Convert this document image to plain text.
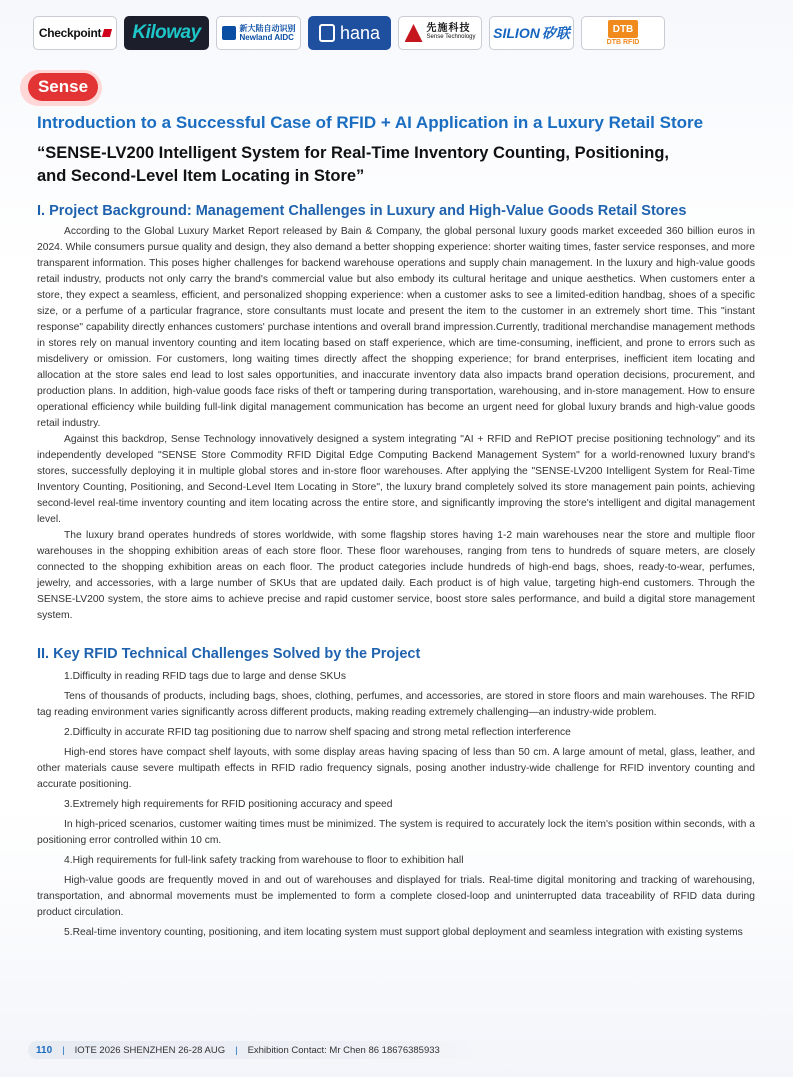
Checkpoint Kiloway	新大陆自动识别
Newland AIDC	hana	先施科技
Sense Technology SILION 矽联	DTB
DTB RFID
Sense
Introduction to a Successful Case of RFID + AI Application in a Luxury Retail Store
“SENSE-LV200 Intelligent System for Real-Time Inventory Counting, Positioning,
and Second-Level Item Locating in Store”
I. Project Background: Management Challenges in Luxury and High-Value Goods Retail Stores

According to the Global Luxury Market Report released by Bain & Company, the global personal luxury goods market exceeded 360 billion euros in 2024. While consumers pursue quality and design, they also demand a better shopping experience: shorter waiting times, faster service responses, and more transparent information. This poses higher challenges for backend warehouse operations and supply chain management. In the luxury and high-value goods retail industry, products not only carry the brand's commercial value but also embody its cultural heritage and unique aesthetics. When customers enter a store, they expect a seamless, efficient, and personalized shopping experience: when a customer asks to see a limited-edition handbag, shoes of a specific size, or a perfume of a particular fragrance, store consultants must locate and present the item to the customer in an extremely short time. This "instant response" capability directly enhances customers' purchase intentions and overall brand impression.Currently, traditional merchandise management methods in stores rely on manual inventory counting and item locating based on staff experience, which are time-consuming, inefficient, and prone to errors such as misdelivery or omission. For customers, long waiting times directly affect the shopping experience; for brand enterprises, inefficient item locating and allocation at the store sales end lead to lost sales opportunities, and inaccurate inventory data also impacts brand operation decisions, procurement, and production plans. In addition, high-value goods face risks of theft or tampering during transportation, warehousing, and in-store management. How to ensure operational efficiency while building full-link digital management communication has become an urgent need for global luxury brands and high-value goods retail industry.

Against this backdrop, Sense Technology innovatively designed a system integrating "AI + RFID and RePIOT precise positioning technology" and its independently developed "SENSE Store Commodity RFID Digital Edge Computing Backend Management System" for a world-renowned luxury brand's stores, successfully deploying it in multiple global stores and in-store floor warehouses. After applying the "SENSE-LV200 Intelligent System for Real-Time Inventory Counting, Positioning, and Second-Level Item Locating in Store", the luxury brand completely solved its store management pain points, achieving second-level real-time inventory counting and item locating across the entire store, and significantly improving the store's intelligent and digital management level.

The luxury brand operates hundreds of stores worldwide, with some flagship stores having 1-2 main warehouses near the store and multiple floor warehouses in the shopping exhibition areas of each store floor. These floor warehouses, ranging from tens to hundreds of square meters, are closely connected to the shopping exhibition areas on each floor. The product categories include hundreds of high-end bags, shoes, ready-to-wear, perfumes, jewelry, and accessories, with a large number of SKUs that are updated daily. Each product is of high value, targeting high-end customers. Through the SENSE-LV200 system, the store aims to achieve precise and rapid customer service, boost store sales performance, and build a digital store management system.

II. Key RFID Technical Challenges Solved by the Project

1.Difficulty in reading RFID tags due to large and dense SKUs

Tens of thousands of products, including bags, shoes, clothing, perfumes, and accessories, are stored in store floors and main warehouses. The RFID tag reading environment varies significantly across different products, making reading extremely challenging—an industry-wide problem.

2.Difficulty in accurate RFID tag positioning due to narrow shelf spacing and strong metal reflection interference

High-end stores have compact shelf layouts, with some display areas having spacing of less than 50 cm. A large amount of metal, glass, leather, and other materials cause severe multipath effects in RFID radio frequency signals, posing another industry-wide challenge for RFID inventory counting and accurate positioning.

3.Extremely high requirements for RFID positioning accuracy and speed

In high-priced scenarios, customer waiting times must be minimized. The system is required to accurately lock the item's position within seconds, with a positioning error controlled within 10 cm.

4.High requirements for full-link safety tracking from warehouse to floor to exhibition hall

High-value goods are frequently moved in and out of warehouses and displayed for trials. Real-time digital monitoring and tracking of warehousing, transportation, and abnormal movements must be implemented to form a complete closed-loop and uninterrupted data traceability of RFID data during product circulation.

5.Real-time inventory counting, positioning, and item locating system must support global deployment and seamless integration with existing systems

110 | IOTE 2026 SHENZHEN 26-28 AUG | Exhibition Contact: Mr Chen 86 18676385933
